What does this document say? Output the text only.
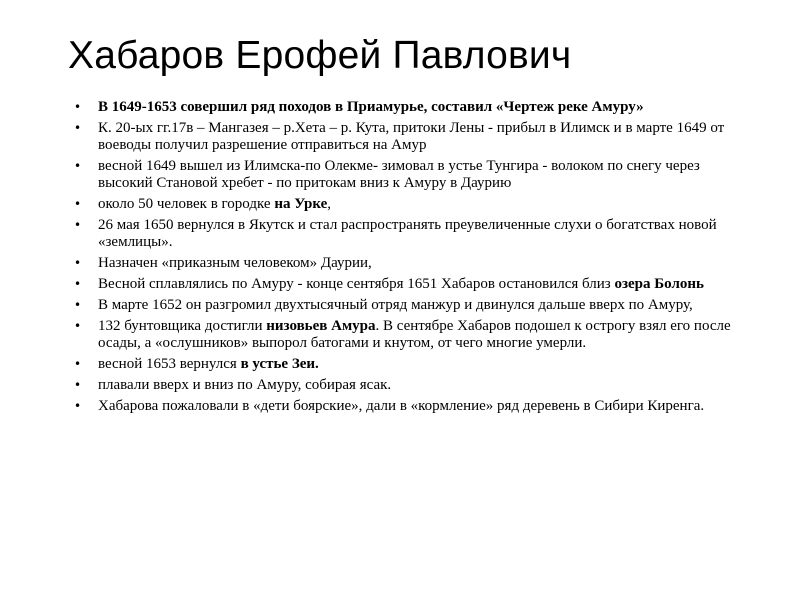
Хабаров Ерофей Павлович
• В 1649-1653 совершил ряд походов в Приамурье, составил «Чертеж реке Амуру»
• К. 20-ых гг.17в – Мангазея – р.Хета – р. Кута, притоки Лены - прибыл в Илимск и в марте 1649 от воеводы получил разрешение отправиться на Амур
• весной 1649 вышел из Илимска-по Олекме- зимовал в устье Тунгира - волоком по снегу через высокий Становой хребет - по притокам вниз к Амуру в Даурию
• около 50 человек в городке на Урке,
• 26 мая 1650 вернулся в Якутск и стал распространять преувеличенные слухи о богатствах новой «землицы».
• Назначен «приказным человеком» Даурии,
• Весной сплавлялись по Амуру - конце сентября 1651 Хабаров остановился близ озера Болонь
• В марте 1652 он разгромил двухтысячный отряд манжур и двинулся дальше вверх по Амуру,
• 132 бунтовщика достигли низовьев Амура. В сентябре Хабаров подошел к острогу взял его после осады, а «ослушников» выпорол батогами и кнутом, от чего многие умерли.
• весной 1653 вернулся в устье Зеи.
• плавали вверх и вниз по Амуру, собирая ясак.
• Хабарова пожаловали в «дети боярские», дали в «кормление» ряд деревень в Сибири Киренга.
